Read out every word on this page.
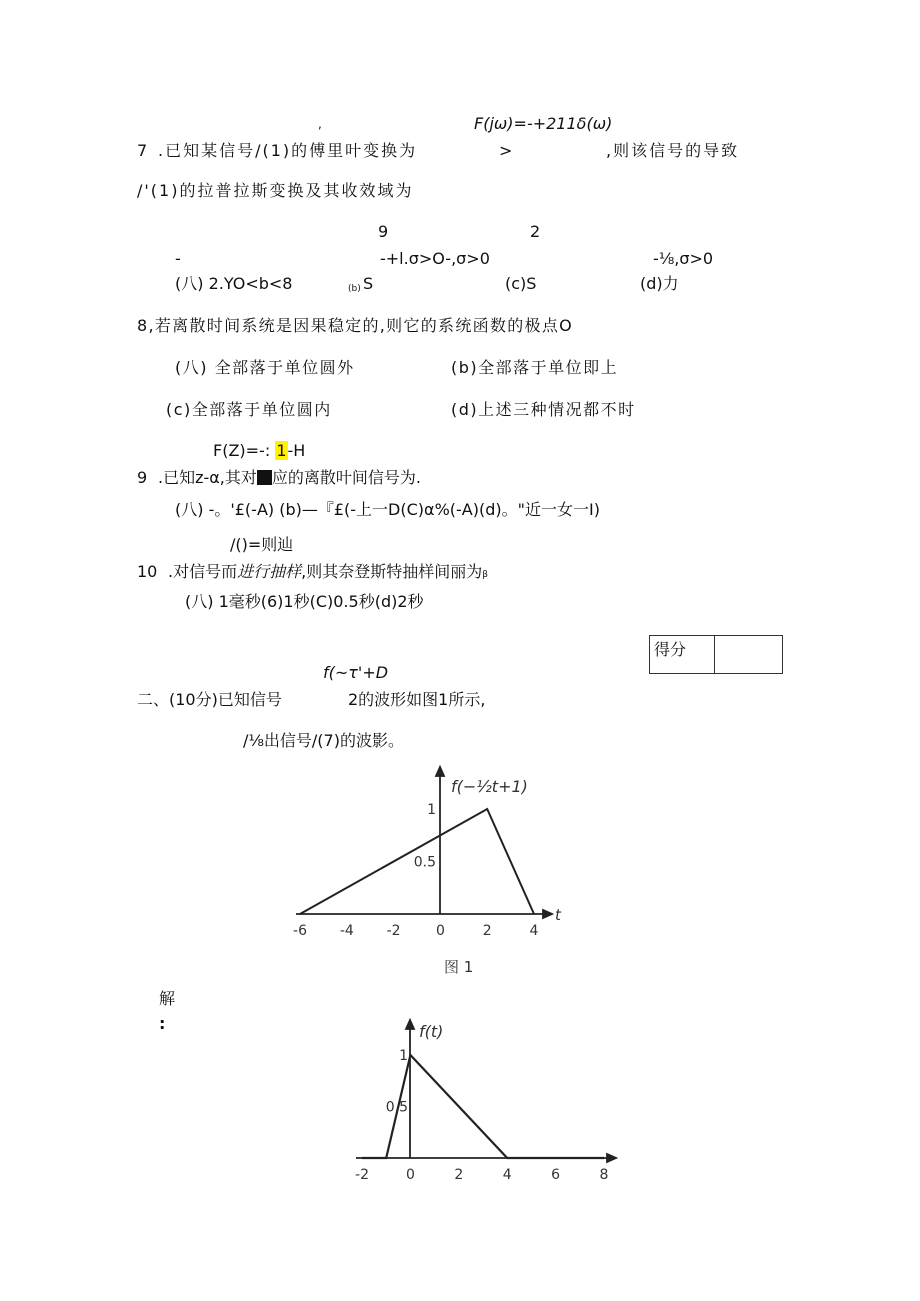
,	F(jω)=-+211δ(ω)
7 .已知某信号/(1)的傅里叶变换为	>	,则该信号的导致
/'(1)的拉普拉斯变换及其收效域为
9	2
-	-+l.σ>O-,σ>0	-⅛,σ>0
(八) 2.YO<b<8	(b) S	(c)S	(d)力
8,若离散时间系统是因果稳定的,则它的系统函数的极点O
(八) 全部落于单位圆外	(b)全部落于单位即上
(c)全部落于单位圆内	(d)上述三种情况都不时
F(Z)=-: 1-H
9 .已知z-α,其对 应的离散叶间信号为.
(八) -。'£(-A) (b)—『£(-上一D(C)α%(-A)(d)。"近一女一I)
/()=则辿
10 .对信号而进行抽样,则其奈登斯特抽样间丽为β
(八) 1毫秒(6)1秒(C)0.5秒(d)2秒
得分
f(~τ'+D
二、(10分)已知信号	2的波形如图1所示,
/⅛出信号/(7)的波影。
-6 -4 -2	0	2	4
1
0.5
f(−½t+1)
t
图 1
解
:
-2	0	2	4	6	8
1
0.5
f(t)
